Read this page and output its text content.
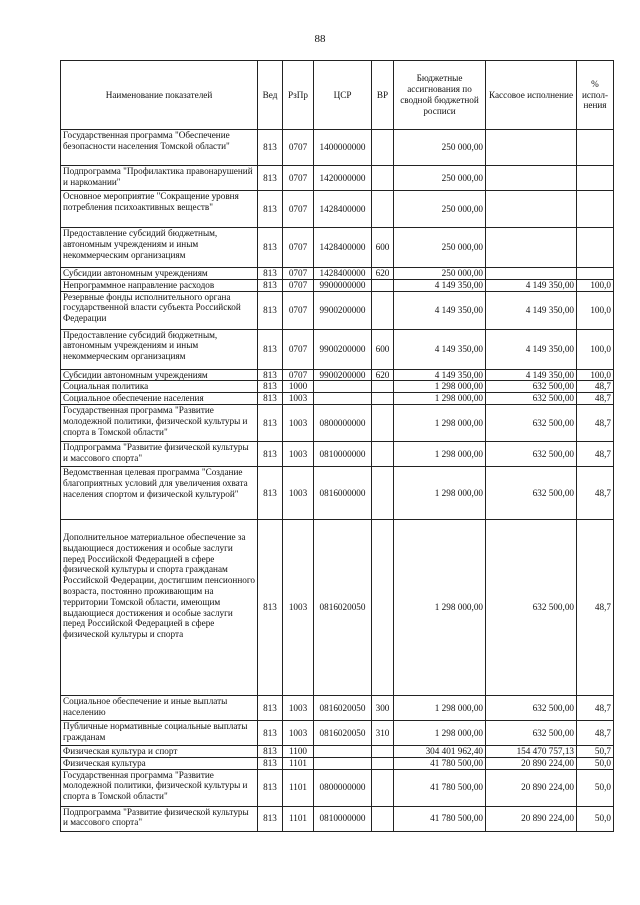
88
Наименование показателей	Вед	РзПр	ЦСР	ВР	Бюджетные ассигнования по сводной бюджетной росписи	Кассовое исполнение	% испол-нения
Государственная программа "Обеспечение безопасности населения Томской области"	813	0707	1400000000		250 000,00		
Подпрограмма "Профилактика правонарушений и наркомании"	813	0707	1420000000		250 000,00		
Основное мероприятие "Сокращение уровня потребления психоактивных веществ"	813	0707	1428400000		250 000,00		
Предоставление субсидий бюджетным, автономным учреждениям и иным некоммерческим организациям	813	0707	1428400000	600	250 000,00		
Субсидии автономным учреждениям	813	0707	1428400000	620	250 000,00		
Непрограммное направление расходов	813	0707	9900000000		4 149 350,00	4 149 350,00	100,0
Резервные фонды исполнительного органа государственной власти субъекта Российской Федерации	813	0707	9900200000		4 149 350,00	4 149 350,00	100,0
Предоставление субсидий бюджетным, автономным учреждениям и иным некоммерческим организациям	813	0707	9900200000	600	4 149 350,00	4 149 350,00	100,0
Субсидии автономным учреждениям	813	0707	9900200000	620	4 149 350,00	4 149 350,00	100,0
Социальная политика	813	1000			1 298 000,00	632 500,00	48,7
Социальное обеспечение населения	813	1003			1 298 000,00	632 500,00	48,7
Государственная программа "Развитие молодежной политики, физической культуры и спорта в Томской области"	813	1003	0800000000		1 298 000,00	632 500,00	48,7
Подпрограмма "Развитие физической культуры и массового спорта"	813	1003	0810000000		1 298 000,00	632 500,00	48,7
Ведомственная целевая программа "Создание благоприятных условий для увеличения охвата населения спортом и физической культурой"	813	1003	0816000000		1 298 000,00	632 500,00	48,7
Дополнительное материальное обеспечение за выдающиеся достижения и особые заслуги перед Российской Федерацией в сфере физической культуры и спорта гражданам Российской Федерации, достигшим пенсионного возраста, постоянно проживающим на территории Томской области, имеющим выдающиеся достижения и особые заслуги перед Российской Федерацией в сфере физической культуры и спорта	813	1003	0816020050		1 298 000,00	632 500,00	48,7
Социальное обеспечение и иные выплаты населению	813	1003	0816020050	300	1 298 000,00	632 500,00	48,7
Публичные нормативные социальные выплаты гражданам	813	1003	0816020050	310	1 298 000,00	632 500,00	48,7
Физическая культура и спорт	813	1100			304 401 962,40	154 470 757,13	50,7
Физическая культура	813	1101			41 780 500,00	20 890 224,00	50,0
Государственная программа "Развитие молодежной политики, физической культуры и спорта в Томской области"	813	1101	0800000000		41 780 500,00	20 890 224,00	50,0
Подпрограмма "Развитие физической культуры и массового спорта"	813	1101	0810000000		41 780 500,00	20 890 224,00	50,0
